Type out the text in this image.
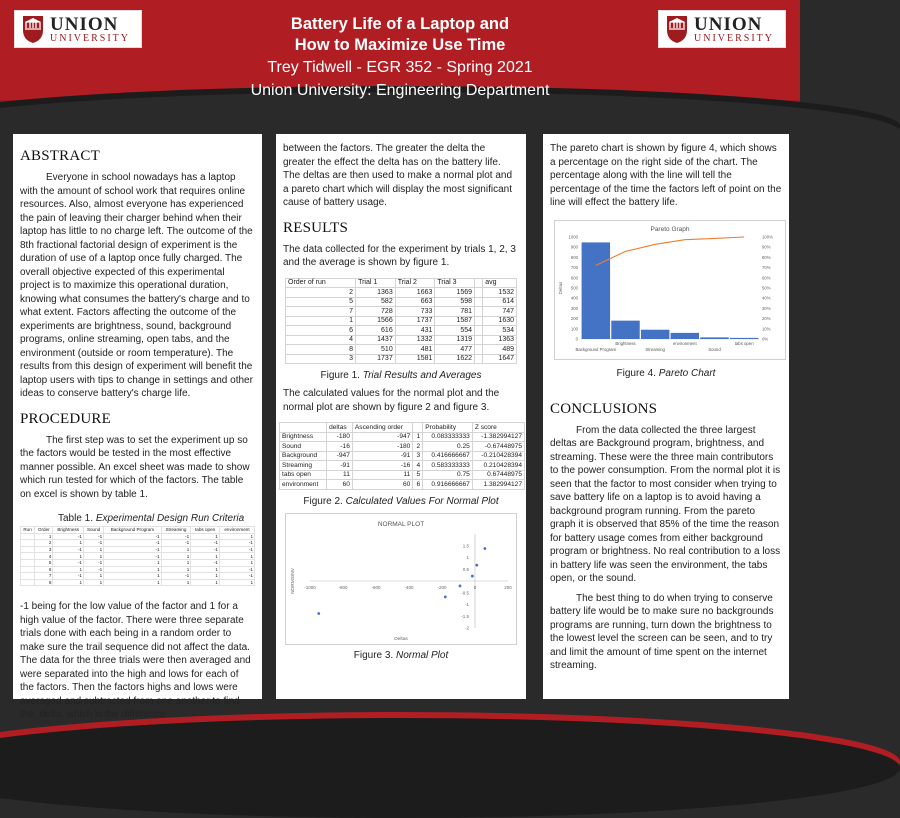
UNION
UNIVERSITY
Battery Life of a Laptop and
How to Maximize Use Time
Trey Tidwell - EGR 352 - Spring 2021
Union University: Engineering Department
UNION
UNIVERSITY
ABSTRACT

Everyone in school nowadays has a laptop with the amount of school work that requires online resources. Also, almost everyone has experienced the pain of leaving their charger behind when their laptop has little to no charge left. The outcome of the 8th fractional factorial design of experiment is the duration of use of a laptop once fully charged. The overall objective expected of this experimental project is to maximize this operational duration, knowing what consumes the battery's charge and to what extent. Factors affecting the outcome of the experiments are brightness, sound, background programs, online streaming, open tabs, and the environment (outside or room temperature). The results from this design of experiment will benefit the laptop users with tips to change in settings and other ideas to conserve battery's charge life.

PROCEDURE

The first step was to set the experiment up so the factors would be tested in the most effective manner possible. An excel sheet was made to show which run tested for which of the factors. The table on excel is shown by table 1.

Table 1. Experimental Design Run Criteria
Run	Order	Brightness	Sound	Background Program	Streaming	tabs open	environment
	1	-1	-1	-1	-1	1	1
	2	1	-1	-1	-1	-1	-1
	3	-1	1	-1	1	-1	-1
	4	1	1	-1	1	1	1
	5	-1	-1	1	1	-1	1
	6	1	-1	1	1	1	-1
	7	-1	1	1	-1	1	-1
	8	1	1	1	1	1	1

-1 being for the low value of the factor and 1 for a high value of the factor. There were three separate trials done with each being in a random order to make sure the trail sequence did not affect the data. The data for the three trials were then averaged and were separated into the high and lows for each of the factors. Then the factors highs and lows were averaged and subtracted from one another to find the, delta, which is the difference

between the factors. The greater the delta the greater the effect the delta has on the battery life. The deltas are then used to make a normal plot and a pareto chart which will display the most significant cause of battery usage.

RESULTS

The data collected for the experiment by trials 1, 2, 3 and the average is shown by figure 1.

Order of run	Trial 1	Trial 2	Trial 3		avg
2	1363	1663	1569		1532
5	582	663	598		614
7	728	733	781		747
1	1566	1737	1587		1630
6	616	431	554		534
4	1437	1332	1319		1363
8	510	481	477		489
3	1737	1581	1622		1647
Figure 1. Trial Results and Averages

The calculated values for the normal plot and the normal plot are shown by figure 2 and figure 3.

	deltas	Ascending order		Probability	Z score
Brightness	-180	-947	1	0.083333333	-1.382994127
Sound	-16	-180	2	0.25	-0.67448975
Background	-947	-91	3	0.416666667	-0.210428394
Streaming	-91	-16	4	0.583333333	0.210428394
tabs open	11	11	5	0.75	0.67448975
environment	60	60	6	0.916666667	1.382994127
Figure 2. Calculated Values For Normal Plot
NORMAL PLOT
-1000	-800	-600	-400	-200	0	200
-2
-1.5
-1
-0.5
0.5
1
1.5
Deltas
NORMSINV
Figure 3. Normal Plot

The pareto chart is shown by figure 4, which shows a percentage on the right side of the chart. The percentage along with the line will tell the percentage of the time the factors left of point on the line will effect the battery life.

Pareto Graph
0
100
200
300
400
500
600
700
800
900
1000
0%
10%
20%
30%
40%
50%
60%
70%
80%
90%
100%
Background Program
Brightness
Streaming
environment
Sound
tabs open
Deltas
Figure 4. Pareto Chart
CONCLUSIONS

From the data collected the three largest deltas are Background program, brightness, and streaming. These were the three main contributors to the power consumption. From the normal plot it is seen that the factor to most consider when trying to save battery life on a laptop is to avoid having a background program running. From the pareto graph it is observed that 85% of the time the reason for battery usage comes from either background program or brightness. No real contribution to a loss in battery life was seen the environment, the tabs open, or the sound.

The best thing to do when trying to conserve battery life would be to make sure no backgrounds programs are running, turn down the brightness to the lowest level the screen can be seen, and to try and limit the amount of time spent on the internet streaming.
